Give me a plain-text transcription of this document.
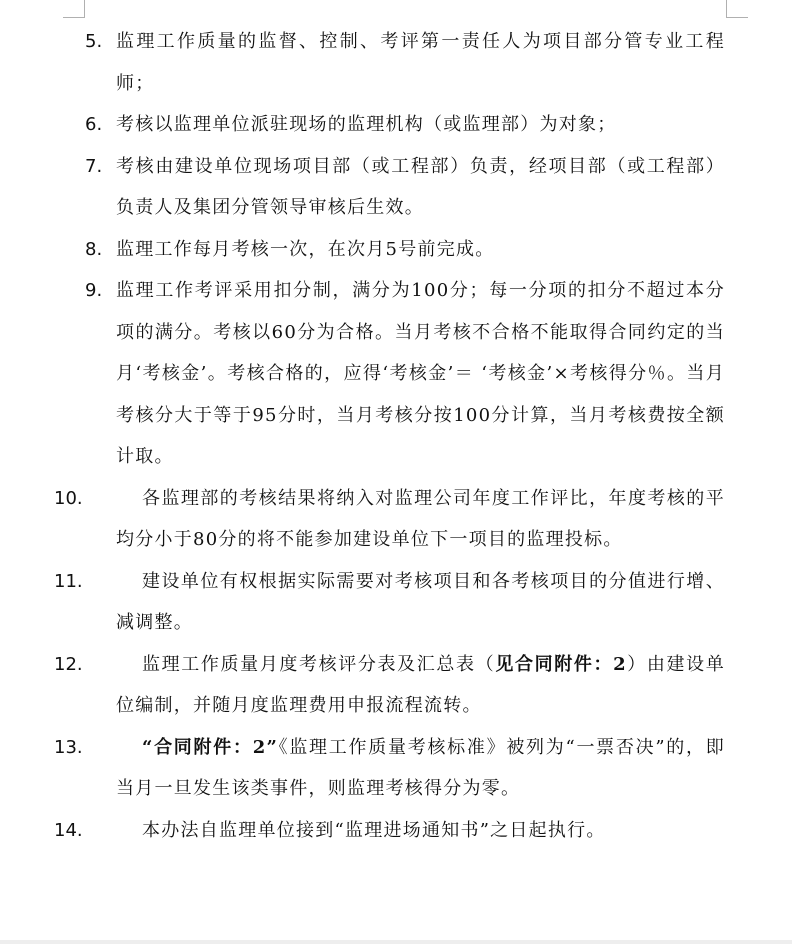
5. 监理工作质量的监督、控制、考评第一责任人为项目部分管专业工程师；
6. 考核以监理单位派驻现场的监理机构（或监理部）为对象；
7. 考核由建设单位现场项目部（或工程部）负责，经项目部（或工程部）负责人及集团分管领导审核后生效。
8. 监理工作每月考核一次，在次月5号前完成。
9. 监理工作考评采用扣分制，满分为100分；每一分项的扣分不超过本分项的满分。考核以60分为合格。当月考核不合格不能取得合同约定的当月‘考核金’。考核合格的，应得‘考核金’＝ ‘考核金’×考核得分％。当月考核分大于等于95分时，当月考核分按100分计算，当月考核费按全额计取。
10.	各监理部的考核结果将纳入对监理公司年度工作评比，年度考核的平均分小于80分的将不能参加建设单位下一项目的监理投标。
11.	建设单位有权根据实际需要对考核项目和各考核项目的分值进行增、减调整。
12.	监理工作质量月度考核评分表及汇总表（见合同附件：2）由建设单位编制，并随月度监理费用申报流程流转。
13.	“合同附件：2”《监理工作质量考核标准》被列为“一票否决”的，即当月一旦发生该类事件，则监理考核得分为零。
14.	本办法自监理单位接到“监理进场通知书”之日起执行。
